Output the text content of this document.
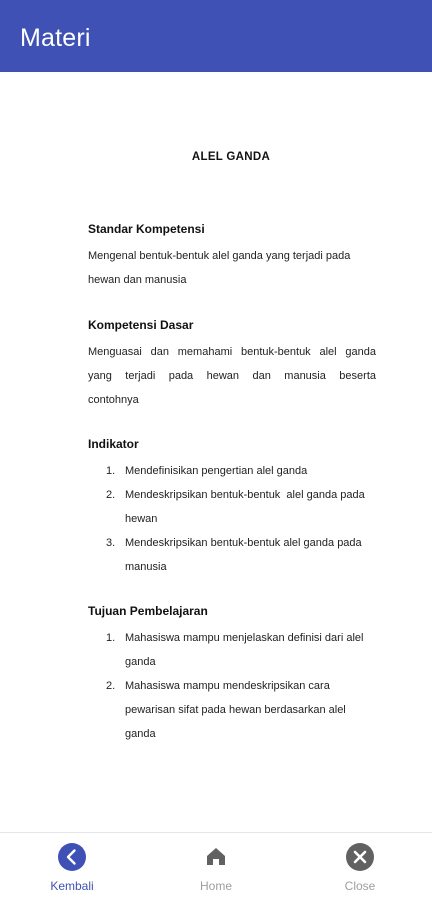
Materi
ALEL GANDA
Standar Kompetensi
Mengenal bentuk-bentuk alel ganda yang terjadi pada
hewan dan manusia
Kompetensi Dasar
Menguasai dan memahami bentuk-bentuk alel ganda
yang terjadi pada hewan dan manusia beserta
contohnya
Indikator
1. Mendefinisikan pengertian alel ganda
2. Mendeskripsikan bentuk-bentuk  alel ganda pada
hewan
3. Mendeskripsikan bentuk-bentuk alel ganda pada
manusia
Tujuan Pembelajaran
1. Mahasiswa mampu menjelaskan definisi dari alel
ganda
2. Mahasiswa mampu mendeskripsikan cara
pewarisan sifat pada hewan berdasarkan alel
ganda
Kembali	Home	Close
